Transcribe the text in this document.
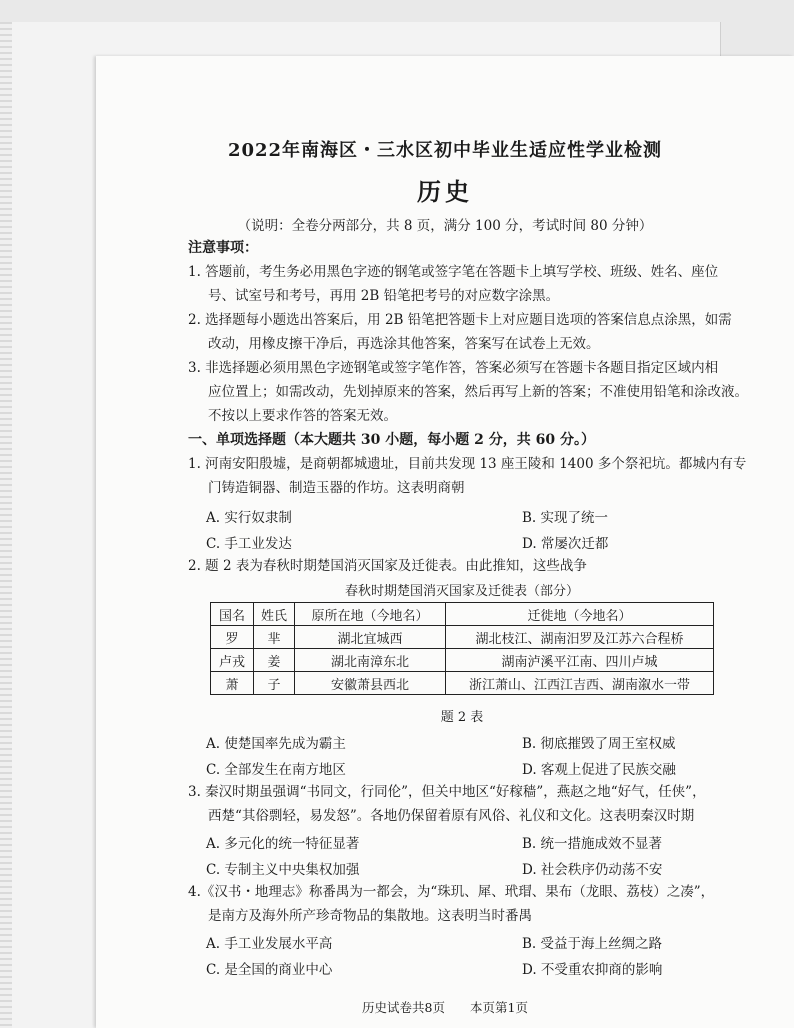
2022年南海区・三水区初中毕业生适应性学业检测
历史
（说明：全卷分两部分，共 8 页，满分 100 分，考试时间 80 分钟）
注意事项：
1. 答题前，考生务必用黑色字迹的钢笔或签字笔在答题卡上填写学校、班级、姓名、座位
号、试室号和考号，再用 2B 铅笔把考号的对应数字涂黑。
2. 选择题每小题选出答案后，用 2B 铅笔把答题卡上对应题目选项的答案信息点涂黑，如需
改动，用橡皮擦干净后，再选涂其他答案，答案写在试卷上无效。
3. 非选择题必须用黑色字迹钢笔或签字笔作答，答案必须写在答题卡各题目指定区域内相
应位置上；如需改动，先划掉原来的答案，然后再写上新的答案；不准使用铅笔和涂改液。
不按以上要求作答的答案无效。
一、单项选择题（本大题共 30 小题，每小题 2 分，共 60 分。）
1. 河南安阳殷墟，是商朝都城遗址，目前共发现 13 座王陵和 1400 多个祭祀坑。都城内有专
门铸造铜器、制造玉器的作坊。这表明商朝
A. 实行奴隶制	B. 实现了统一
C. 手工业发达	D. 常屡次迁都
2. 题 2 表为春秋时期楚国消灭国家及迁徙表。由此推知，这些战争
春秋时期楚国消灭国家及迁徙表（部分）
国名	姓氏	原所在地（今地名）	迁徙地（今地名）
罗	芈	湖北宜城西	湖北枝江、湖南汨罗及江苏六合程桥
卢戎	姜	湖北南漳东北	湖南泸溪平江南、四川卢城
萧	子	安徽萧县西北	浙江萧山、江西江吉西、湖南溆水一带
题 2 表
A. 使楚国率先成为霸主	B. 彻底摧毁了周王室权威
C. 全部发生在南方地区	D. 客观上促进了民族交融
3. 秦汉时期虽强调“书同文，行同伦”，但关中地区“好稼穑”，燕赵之地“好气，任侠”，
西楚“其俗剽轻，易发怒”。各地仍保留着原有风俗、礼仪和文化。这表明秦汉时期
A. 多元化的统一特征显著	B. 统一措施成效不显著
C. 专制主义中央集权加强	D. 社会秩序仍动荡不安
4.《汉书・地理志》称番禺为一都会，为“珠玑、犀、玳瑁、果布（龙眼、荔枝）之凑”，
是南方及海外所产珍奇物品的集散地。这表明当时番禺
A. 手工业发展水平高	B. 受益于海上丝绸之路
C. 是全国的商业中心	D. 不受重农抑商的影响
历史试卷共8页　　本页第1页
